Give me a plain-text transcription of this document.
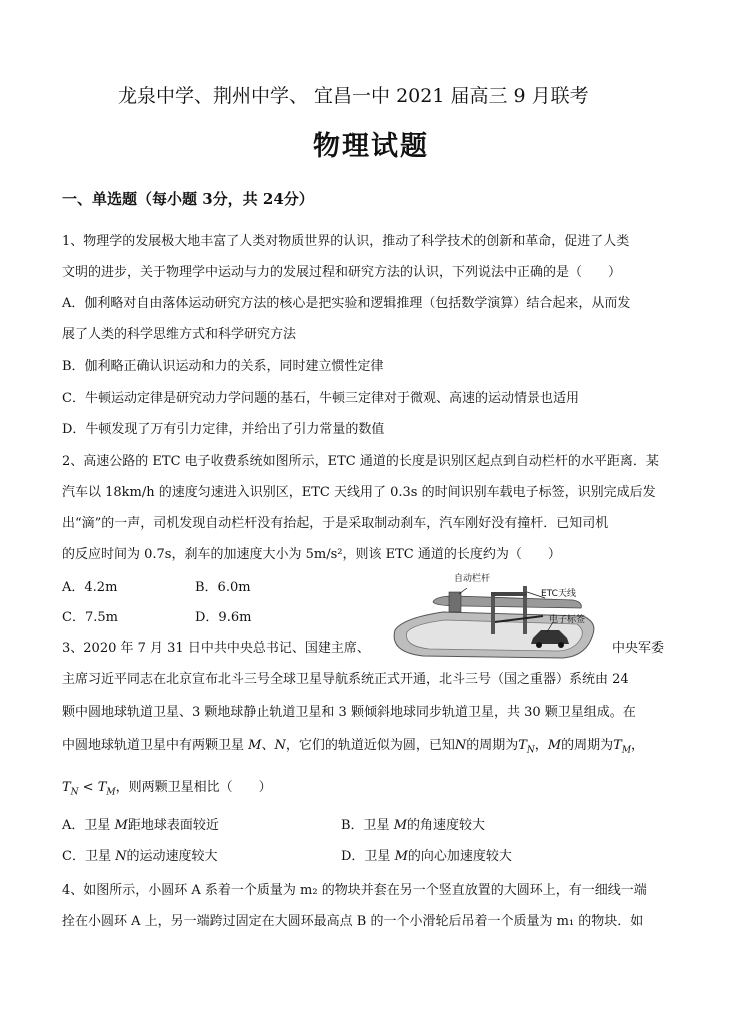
龙泉中学、荆州中学、 宜昌一中 2021 届高三 9 月联考
物理试题
一、单选题（每小题 3分，共 24分）
1、物理学的发展极大地丰富了人类对物质世界的认识，推动了科学技术的创新和革命，促进了人类
文明的进步，关于物理学中运动与力的发展过程和研究方法的认识，下列说法中正确的是（　　）
A．伽利略对自由落体运动研究方法的核心是把实验和逻辑推理（包括数学演算）结合起来，从而发
展了人类的科学思维方式和科学研究方法
B．伽利略正确认识运动和力的关系，同时建立惯性定律
C．牛顿运动定律是研究动力学问题的基石，牛顿三定律对于微观、高速的运动情景也适用
D．牛顿发现了万有引力定律，并给出了引力常量的数值
2、高速公路的 ETC 电子收费系统如图所示，ETC 通道的长度是识别区起点到自动栏杆的水平距离．某
汽车以 18km/h 的速度匀速进入识别区，ETC 天线用了 0.3s 的时间识别车载电子标签，识别完成后发
出“滴”的一声，司机发现自动栏杆没有抬起，于是采取制动刹车，汽车刚好没有撞杆．已知司机
的反应时间为 0.7s，刹车的加速度大小为 5m/s²，则该 ETC 通道的长度约为（　　）
A．4.2m	B．6.0m
C．7.5m	D．9.6m
自动栏杆
ETC天线
电子标签
3、2020 年 7 月 31 日中共中央总书记、国建主席、	中央军委
主席习近平同志在北京宣布北斗三号全球卫星导航系统正式开通，北斗三号（国之重器）系统由 24
颗中圆地球轨道卫星、3 颗地球静止轨道卫星和 3 颗倾斜地球同步轨道卫星，共 30 颗卫星组成。在
中圆地球轨道卫星中有两颗卫星 M、N，它们的轨道近似为圆，已知N的周期为$T_N$，M的周期为$T_M$，
$T_N < T_M$，则两颗卫星相比（　　）
A．卫星 M距地球表面较近	B．卫星 M的角速度较大
C．卫星 N的运动速度较大	D．卫星 M的向心加速度较大
4、如图所示，小圆环 A 系着一个质量为 m₂ 的物块并套在另一个竖直放置的大圆环上，有一细线一端
拴在小圆环 A 上，另一端跨过固定在大圆环最高点 B 的一个小滑轮后吊着一个质量为 m₁ 的物块．如
